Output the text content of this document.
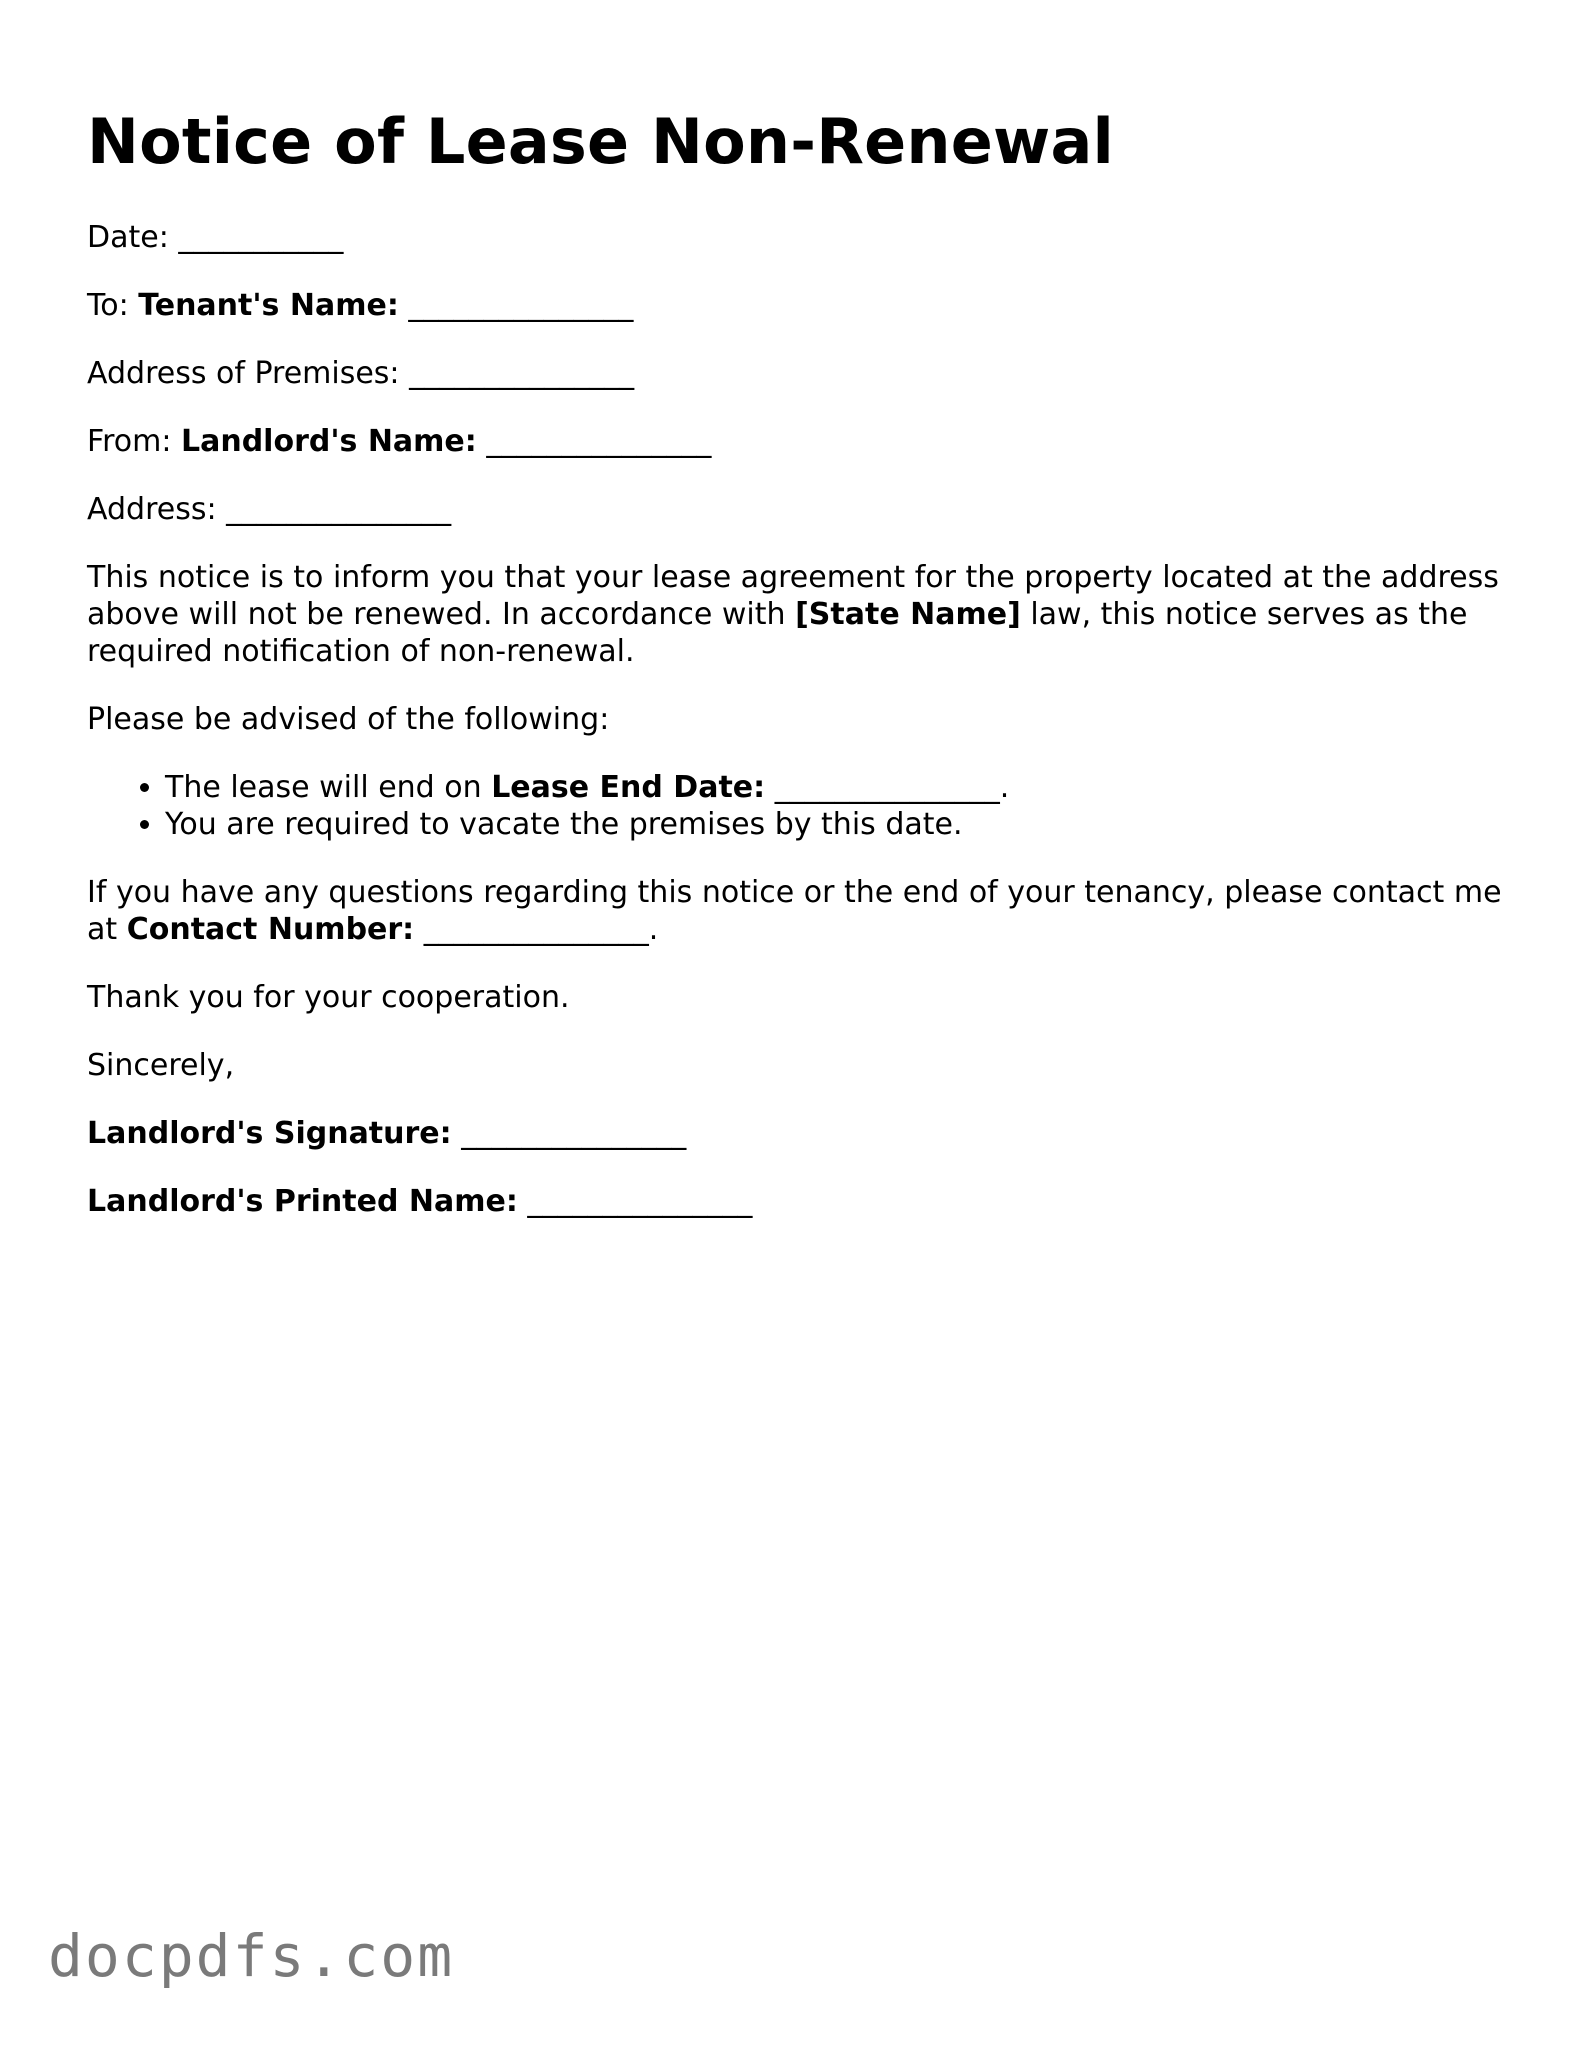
Notice of Lease Non-Renewal

Date: ___________

To: Tenant's Name: _______________

Address of Premises: _______________

From: Landlord's Name: _______________

Address: _______________

This notice is to inform you that your lease agreement for the property located at the address above will not be renewed. In accordance with [State Name] law, this notice serves as the required notification of non-renewal.

Please be advised of the following:

• The lease will end on Lease End Date: _______________.
• You are required to vacate the premises by this date.

If you have any questions regarding this notice or the end of your tenancy, please contact me at Contact Number: _______________.

Thank you for your cooperation.

Sincerely,

Landlord's Signature: _______________

Landlord's Printed Name: _______________

docpdfs.com
